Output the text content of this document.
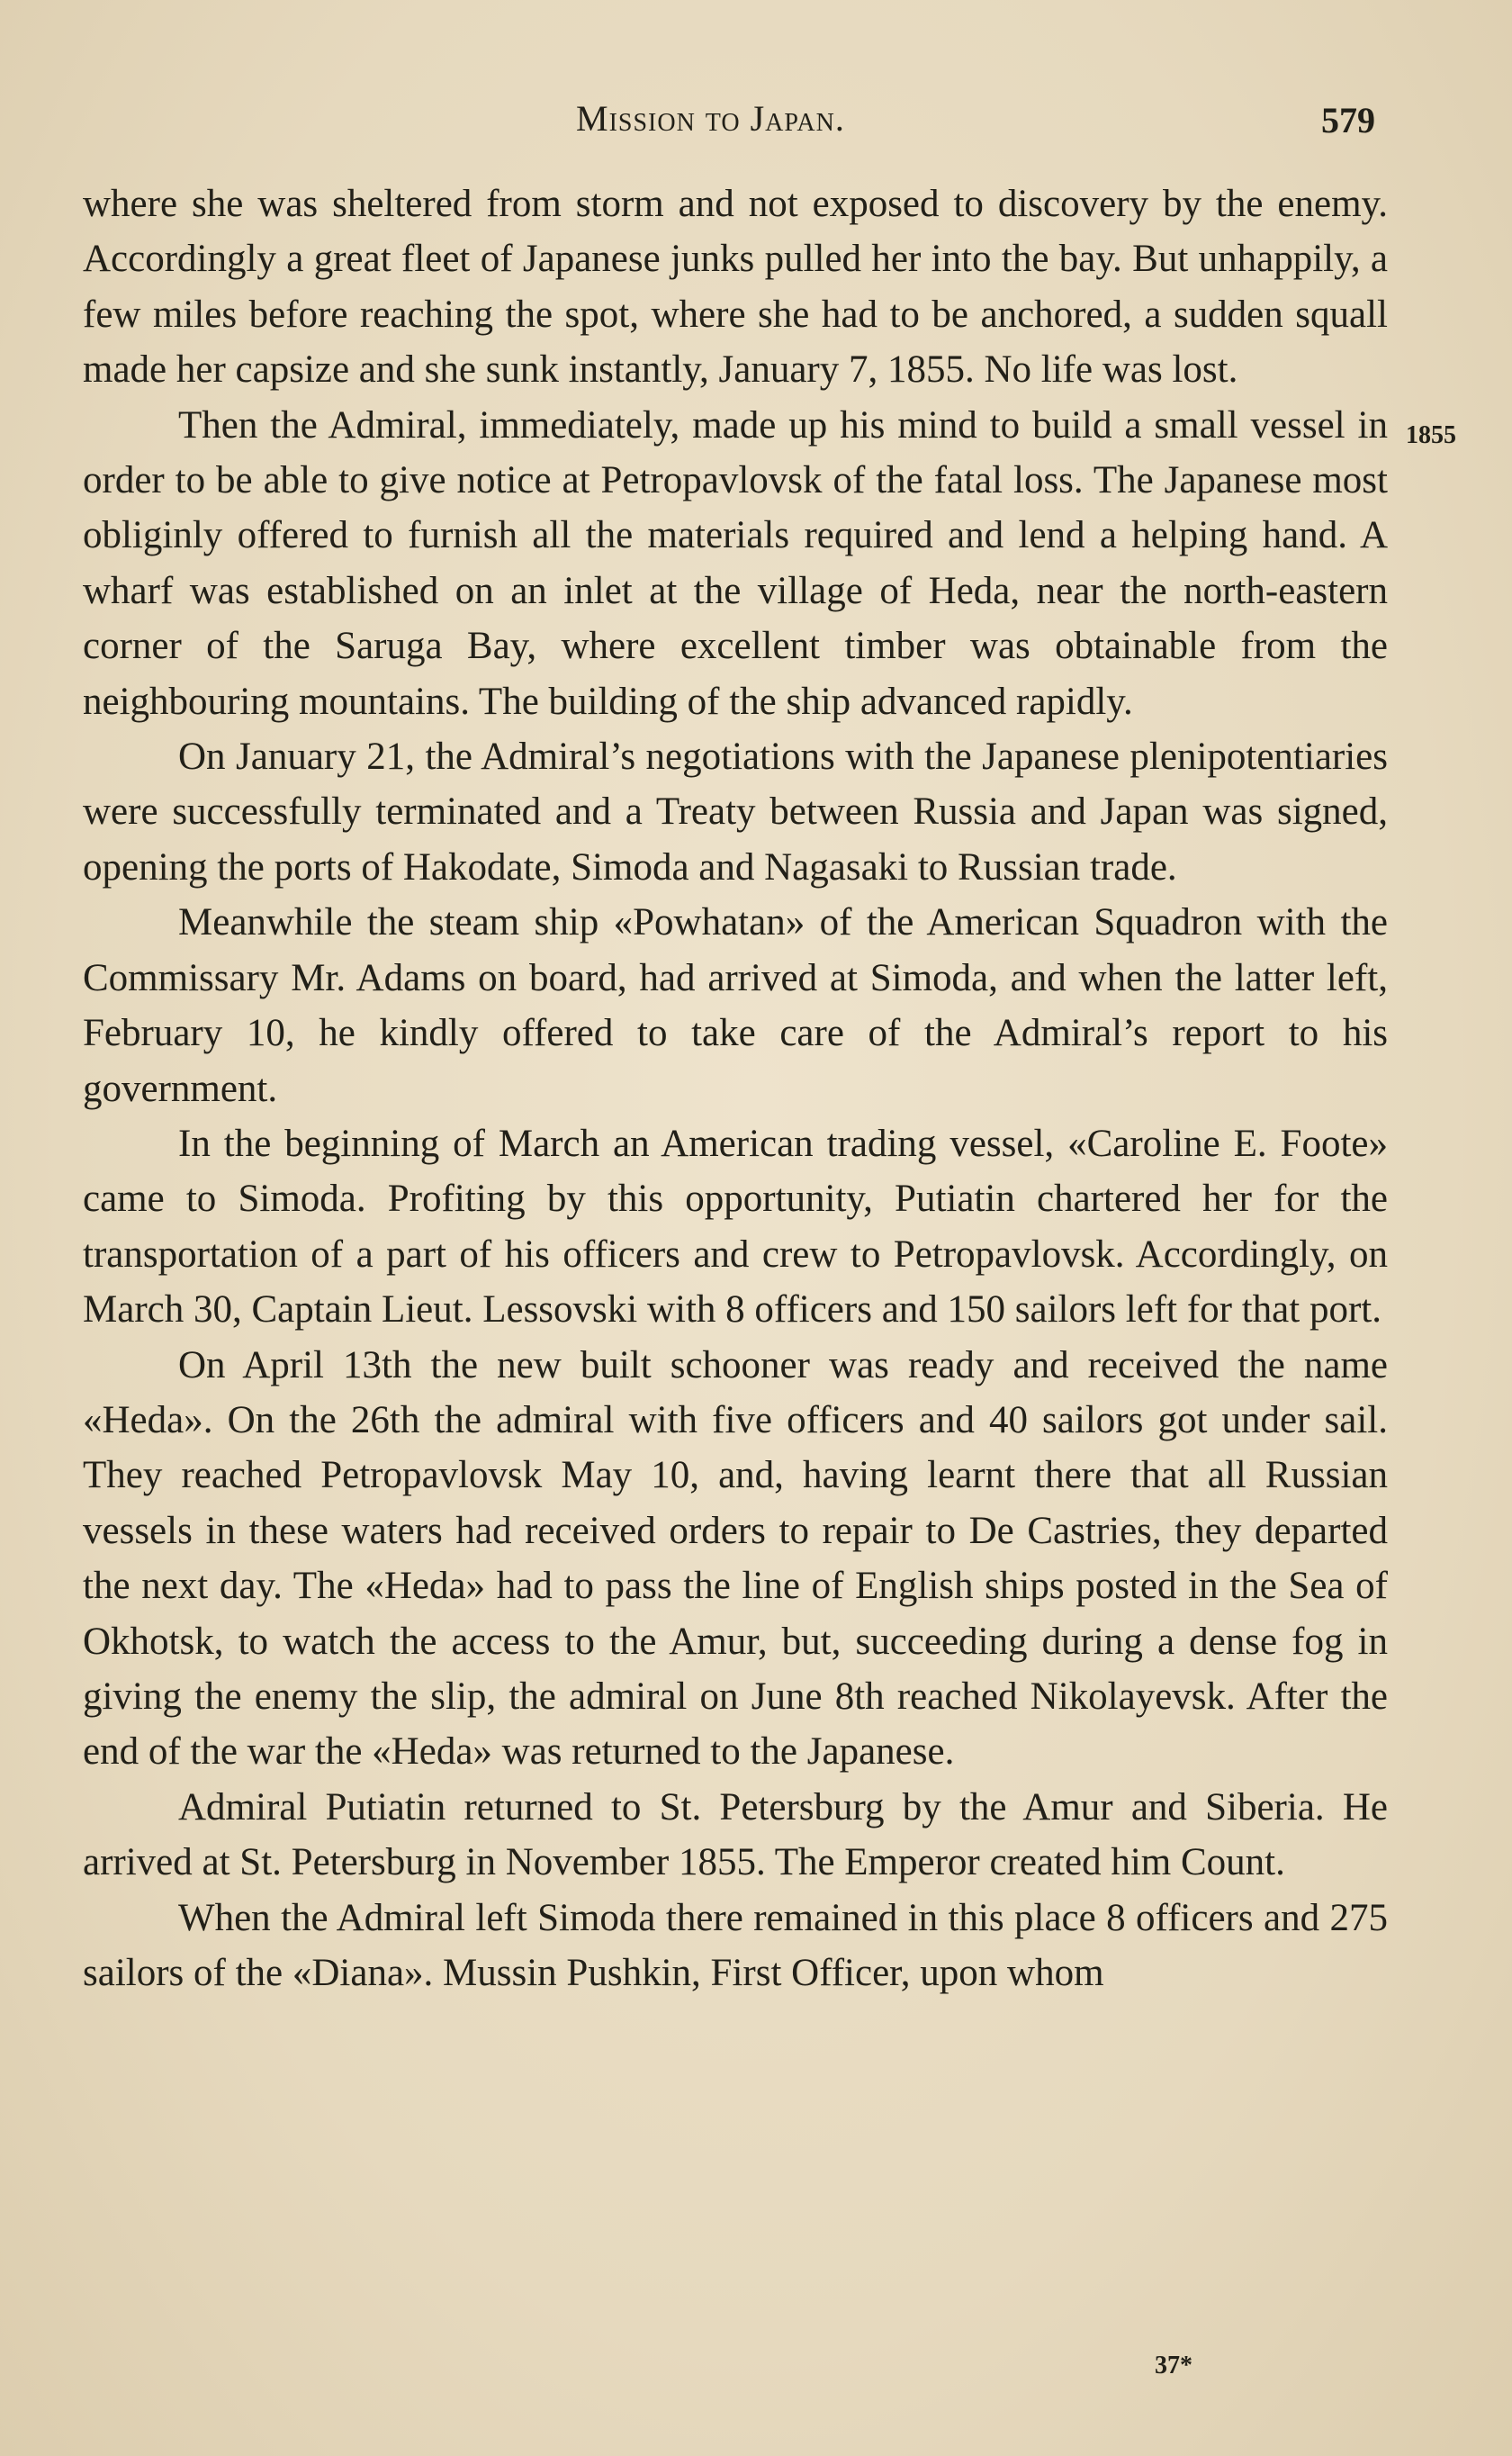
Mission to Japan.	579
1855

where she was sheltered from storm and not exposed to discovery by the enemy. Accordingly a great fleet of Japanese junks pulled her into the bay. But unhappily, a few miles before reaching the spot, where she had to be anchored, a sudden squall made her capsize and she sunk instantly, January 7, 1855. No life was lost.

Then the Admiral, immediately, made up his mind to build a small vessel in order to be able to give notice at Petropavlovsk of the fatal loss. The Japanese most obliginly offered to furnish all the materials required and lend a helping hand. A wharf was established on an inlet at the village of Heda, near the north-eastern corner of the Saruga Bay, where excellent timber was obtainable from the neighbouring mountains. The building of the ship advanced rapidly.

On January 21, the Admiral’s negotiations with the Japanese plenipotentiaries were successfully terminated and a Treaty between Russia and Japan was signed, opening the ports of Hakodate, Simoda and Nagasaki to Russian trade.

Meanwhile the steam ship «Powhatan» of the American Squadron with the Commissary Mr. Adams on board, had arrived at Simoda, and when the latter left, February 10, he kindly offered to take care of the Admiral’s report to his government.

In the beginning of March an American trading vessel, «Caroline E. Foote» came to Simoda. Profiting by this opportunity, Putiatin chartered her for the transportation of a part of his officers and crew to Petropavlovsk. Accordingly, on March 30, Captain Lieut. Lessovski with 8 officers and 150 sailors left for that port.

On April 13th the new built schooner was ready and received the name «Heda». On the 26th the admiral with five officers and 40 sailors got under sail. They reached Petropavlovsk May 10, and, having learnt there that all Russian vessels in these waters had received orders to repair to De Castries, they departed the next day. The «Heda» had to pass the line of English ships posted in the Sea of Okhotsk, to watch the access to the Amur, but, succeeding during a dense fog in giving the enemy the slip, the admiral on June 8th reached Nikolayevsk. After the end of the war the «Heda» was returned to the Japanese.

Admiral Putiatin returned to St. Petersburg by the Amur and Siberia. He arrived at St. Petersburg in November 1855. The Emperor created him Count.

When the Admiral left Simoda there remained in this place 8 officers and 275 sailors of the «Diana». Mussin Pushkin, First Officer, upon whom

37*
